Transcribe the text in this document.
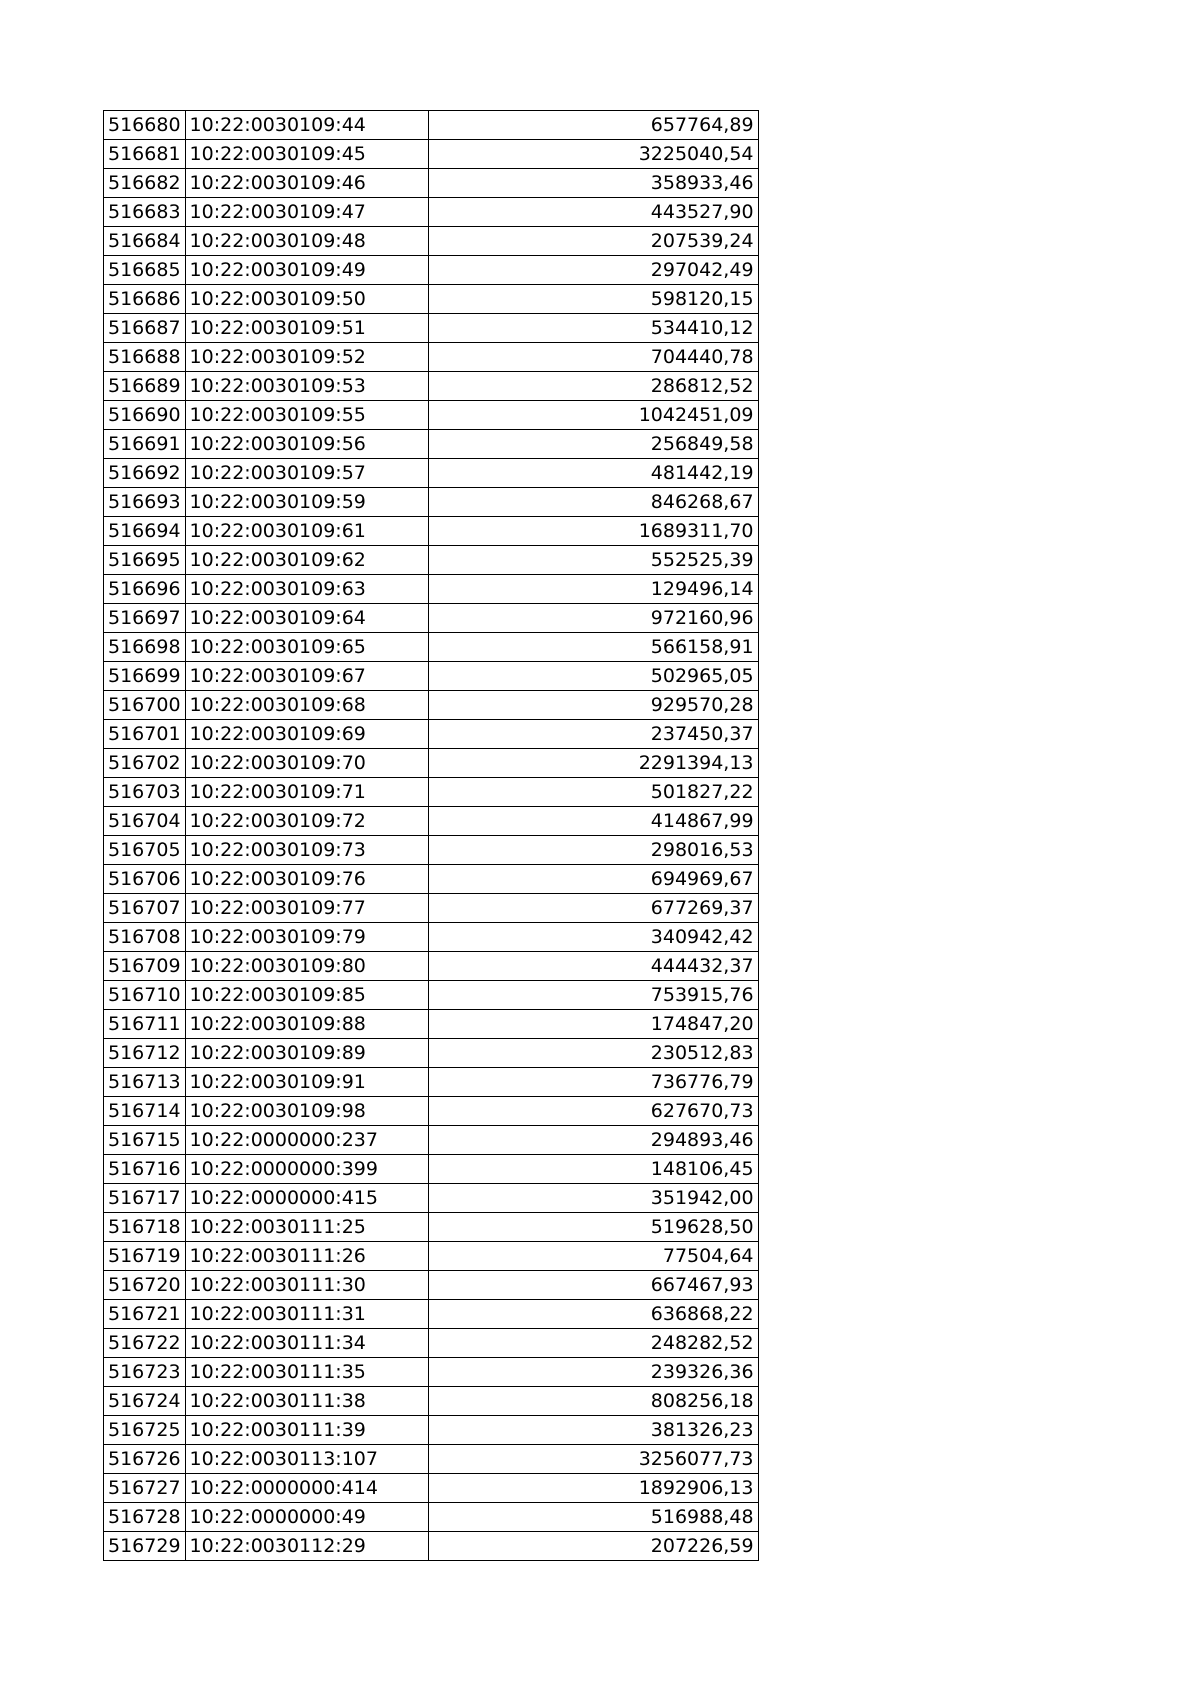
516680	10:22:0030109:44	657764,89
516681	10:22:0030109:45	3225040,54
516682	10:22:0030109:46	358933,46
516683	10:22:0030109:47	443527,90
516684	10:22:0030109:48	207539,24
516685	10:22:0030109:49	297042,49
516686	10:22:0030109:50	598120,15
516687	10:22:0030109:51	534410,12
516688	10:22:0030109:52	704440,78
516689	10:22:0030109:53	286812,52
516690	10:22:0030109:55	1042451,09
516691	10:22:0030109:56	256849,58
516692	10:22:0030109:57	481442,19
516693	10:22:0030109:59	846268,67
516694	10:22:0030109:61	1689311,70
516695	10:22:0030109:62	552525,39
516696	10:22:0030109:63	129496,14
516697	10:22:0030109:64	972160,96
516698	10:22:0030109:65	566158,91
516699	10:22:0030109:67	502965,05
516700	10:22:0030109:68	929570,28
516701	10:22:0030109:69	237450,37
516702	10:22:0030109:70	2291394,13
516703	10:22:0030109:71	501827,22
516704	10:22:0030109:72	414867,99
516705	10:22:0030109:73	298016,53
516706	10:22:0030109:76	694969,67
516707	10:22:0030109:77	677269,37
516708	10:22:0030109:79	340942,42
516709	10:22:0030109:80	444432,37
516710	10:22:0030109:85	753915,76
516711	10:22:0030109:88	174847,20
516712	10:22:0030109:89	230512,83
516713	10:22:0030109:91	736776,79
516714	10:22:0030109:98	627670,73
516715	10:22:0000000:237	294893,46
516716	10:22:0000000:399	148106,45
516717	10:22:0000000:415	351942,00
516718	10:22:0030111:25	519628,50
516719	10:22:0030111:26	77504,64
516720	10:22:0030111:30	667467,93
516721	10:22:0030111:31	636868,22
516722	10:22:0030111:34	248282,52
516723	10:22:0030111:35	239326,36
516724	10:22:0030111:38	808256,18
516725	10:22:0030111:39	381326,23
516726	10:22:0030113:107	3256077,73
516727	10:22:0000000:414	1892906,13
516728	10:22:0000000:49	516988,48
516729	10:22:0030112:29	207226,59
